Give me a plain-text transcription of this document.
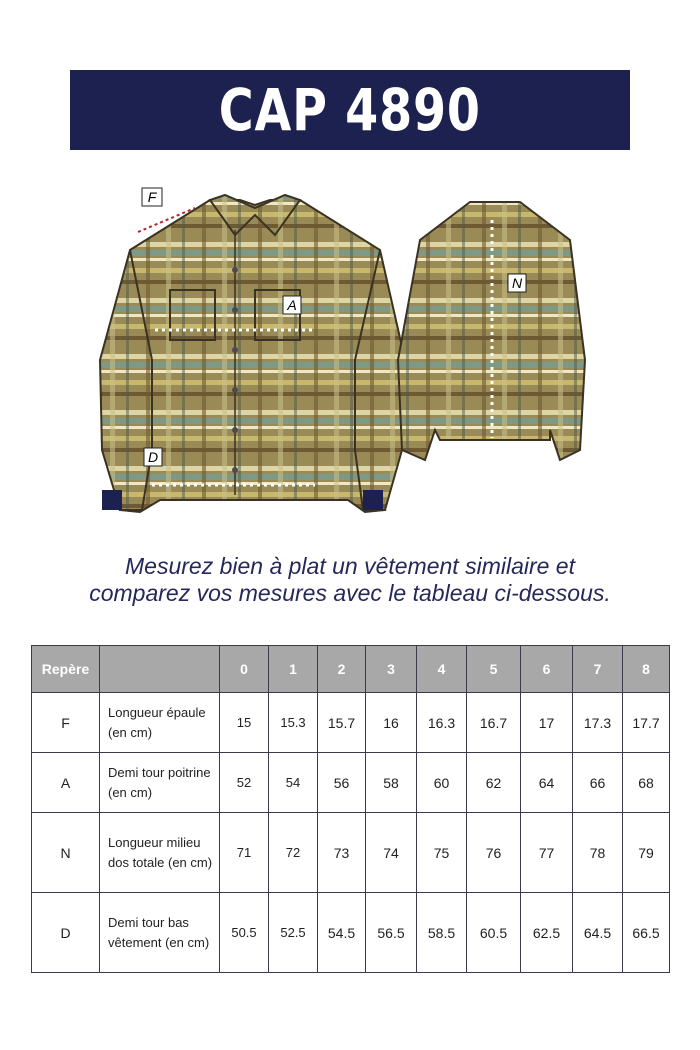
CAP 4890
F
A
N
D
Mesurez bien à plat un vêtement similaire et
comparez vos mesures avec le tableau ci-dessous.
Repère		0	1	2	3	4	5	6	7	8
F	Longueur épaule (en cm)	15	15.3	15.7	16	16.3	16.7	17	17.3	17.7
A	Demi tour poitrine (en cm)	52	54	56	58	60	62	64	66	68
N	Longueur milieu dos totale (en cm)	71	72	73	74	75	76	77	78	79
D	Demi tour bas vêtement (en cm)	50.5	52.5	54.5	56.5	58.5	60.5	62.5	64.5	66.5
